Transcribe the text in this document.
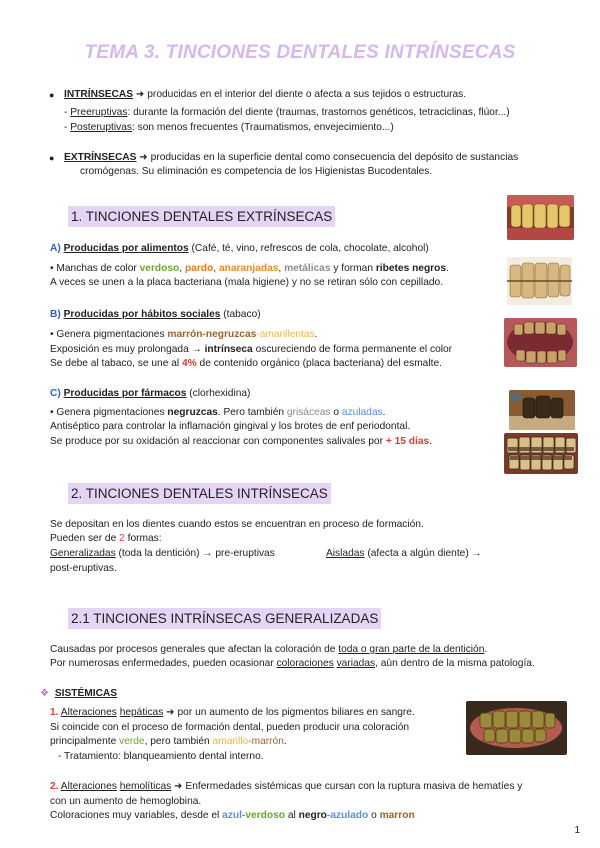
TEMA 3. TINCIONES DENTALES INTRÍNSECAS
● INTRÍNSECAS ➜ producidas en el interior del diente o afecta a sus tejidos o estructuras.
- Preeruptivas: durante la formación del diente (traumas, trastornos genéticos, tetraciclinas, flúor...)
- Posteruptivas: son menos frecuentes (Traumatismos, envejecimiento...)
● EXTRÍNSECAS ➜ producidas en la superficie dental como consecuencia del depósito de sustancias
cromógenas. Su eliminación es competencia de los Higienistas Bucodentales.
1. TINCIONES DENTALES EXTRÍNSECAS
A) Producidas por alimentos (Café, té, vino, refrescos de cola, chocolate, alcohol)
• Manchas de color verdoso, pardo, anaranjadas, metálicas y forman ribetes negros.
A veces se unen a la placa bacteriana (mala higiene) y no se retiran sólo con cepillado.
B) Producidas por hábitos sociales (tabaco)
• Genera pigmentaciones marrón-negruzcas-amarillentas.
Exposición es muy prolongada → intrínseca oscureciendo de forma permanente el color
Se debe al tabaco, se une al 4% de contenido orgánico (placa bacteriana) del esmalte.
C) Producidas por fármacos (clorhexidina)
• Genera pigmentaciones negruzcas. Pero también grisáceas o azuladas.
Antiséptico para controlar la inflamación gingival y los brotes de enf periodontal.
Se produce por su oxidación al reaccionar con componentes salivales por + 15 días.
2. TINCIONES DENTALES INTRÍNSECAS
Se depositan en los dientes cuando estos se encuentran en proceso de formación.
Pueden ser de 2 formas:
Generalizadas (toda la dentición) → pre-eruptivas	Aisladas (afecta a algún diente) →
post-eruptivas.
2.1 TINCIONES INTRÍNSECAS GENERALIZADAS
Causadas por procesos generales que afectan la coloración de toda o gran parte de la dentición.
Por numerosas enfermedades, pueden ocasionar coloraciones variadas, aún dentro de la misma patología.
❖ SISTÉMICAS
1. Alteraciones hepáticas ➜ por un aumento de los pigmentos biliares en sangre.
Si coincide con el proceso de formación dental, pueden producir una coloración
principalmente verde, pero también amarillo-marrón.
- Tratamiento: blanqueamiento dental interno.
2. Alteraciones hemolíticas ➜ Enfermedades sistémicas que cursan con la ruptura masiva de hematíes y
con un aumento de hemoglobina.
Coloraciones muy variables, desde el azul-verdoso al negro-azulado o marron
1
